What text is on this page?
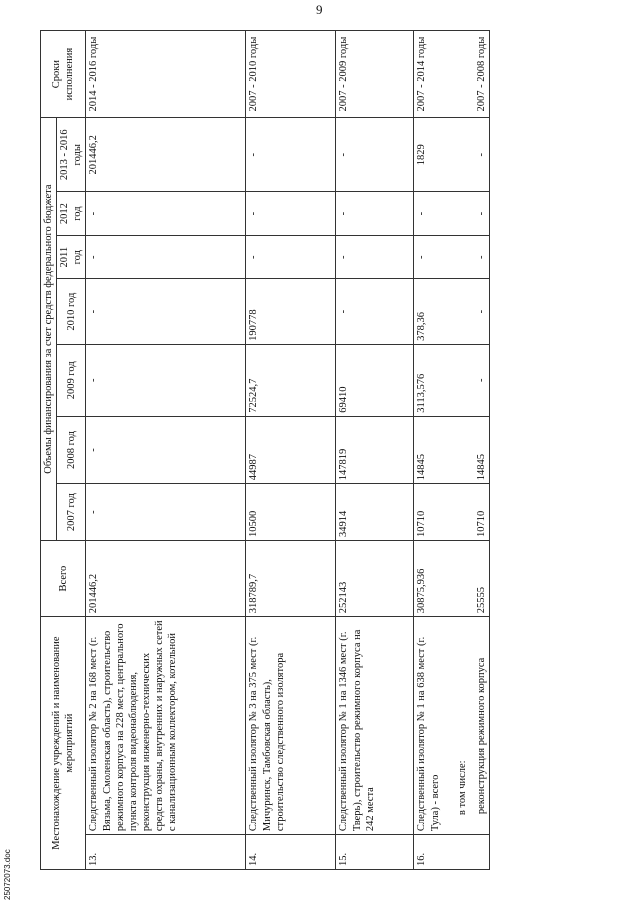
9
Местонахождение учреждений и наименование мероприятий		Всего	Объемы финансирования за счет средств федерального бюджета							Сроки исполнения
			2007 год	2008 год	2009 год	2010 год	2011 год	2012 год	2013 - 2016 годы	
13.	Следственный изолятор № 2 на 168 мест (г. Вязьма, Смоленская область), строительство режимного корпуса на 228 мест, центрального пункта контроля видеонаблюдения, реконструкция инженерно-технических средств охраны, внутренних и наружных сетей с канализационным коллектором, котельной	201446,2	-	-	-	-	-	-	201446,2	2014 - 2016 годы
14.	Следственный изолятор № 3 на 375 мест (г. Мичуринск, Тамбовская область), строительство следственного изолятора	318789,7	10500	44987	72524,7	190778	-	-	-	2007 - 2010 годы
15.	Следственный изолятор № 1 на 1346 мест (г. Тверь), строительство режимного корпуса на 242 места	252143	34914	147819	69410	-	-	-	-	2007 - 2009 годы
16.	Следственный изолятор № 1 на 638 мест (г. Тула) - всего в том числе:	30875,936	10710	14845	3113,576	378,36	-	-	1829	2007 - 2014 годы
	реконструкция режимного корпуса	25555	10710	14845	-	-	-	-	-	2007 - 2008 годы
25072073.doc
